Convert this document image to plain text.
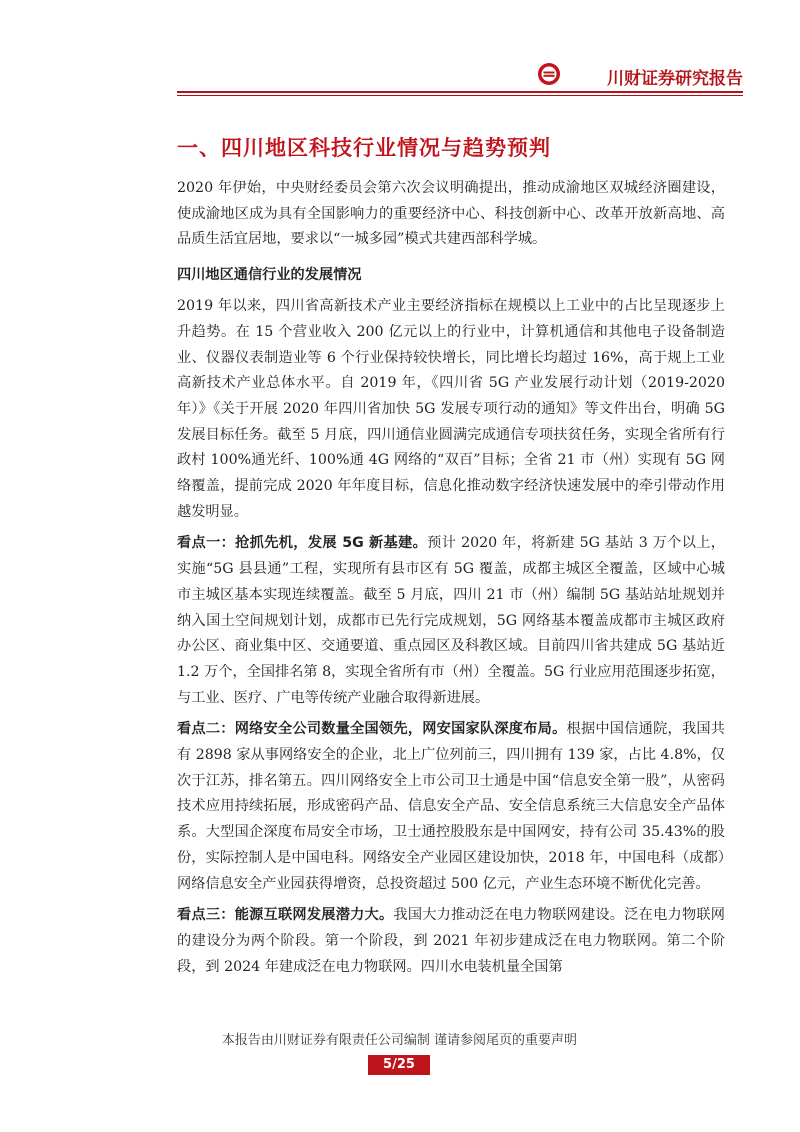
川财证券研究报告
一、四川地区科技行业情况与趋势预判

2020 年伊始，中央财经委员会第六次会议明确提出，推动成渝地区双城经济圈建设，使成渝地区成为具有全国影响力的重要经济中心、科技创新中心、改革开放新高地、高品质生活宜居地，要求以“一城多园”模式共建西部科学城。

四川地区通信行业的发展情况

2019 年以来，四川省高新技术产业主要经济指标在规模以上工业中的占比呈现逐步上升趋势。在 15 个营业收入 200 亿元以上的行业中，计算机通信和其他电子设备制造业、仪器仪表制造业等 6 个行业保持较快增长，同比增长均超过 16%，高于规上工业高新技术产业总体水平。自 2019 年，《四川省 5G 产业发展行动计划（2019-2020 年）》《关于开展 2020 年四川省加快 5G 发展专项行动的通知》等文件出台，明确 5G 发展目标任务。截至 5 月底，四川通信业圆满完成通信专项扶贫任务，实现全省所有行政村 100%通光纤、100%通 4G 网络的“双百”目标；全省 21 市（州）实现有 5G 网络覆盖，提前完成 2020 年年度目标，信息化推动数字经济快速发展中的牵引带动作用越发明显。

看点一：抢抓先机，发展 5G 新基建。预计 2020 年，将新建 5G 基站 3 万个以上，实施“5G 县县通”工程，实现所有县市区有 5G 覆盖，成都主城区全覆盖，区域中心城市主城区基本实现连续覆盖。截至 5 月底，四川 21 市（州）编制 5G 基站站址规划并纳入国土空间规划计划，成都市已先行完成规划，5G 网络基本覆盖成都市主城区政府办公区、商业集中区、交通要道、重点园区及科教区域。目前四川省共建成 5G 基站近 1.2 万个，全国排名第 8，实现全省所有市（州）全覆盖。5G 行业应用范围逐步拓宽，与工业、医疗、广电等传统产业融合取得新进展。

看点二：网络安全公司数量全国领先，网安国家队深度布局。根据中国信通院，我国共有 2898 家从事网络安全的企业，北上广位列前三，四川拥有 139 家，占比 4.8%，仅次于江苏，排名第五。四川网络安全上市公司卫士通是中国“信息安全第一股”，从密码技术应用持续拓展，形成密码产品、信息安全产品、安全信息系统三大信息安全产品体系。大型国企深度布局安全市场，卫士通控股股东是中国网安，持有公司 35.43%的股份，实际控制人是中国电科。网络安全产业园区建设加快，2018 年，中国电科（成都）网络信息安全产业园获得增资，总投资超过 500 亿元，产业生态环境不断优化完善。

看点三：能源互联网发展潜力大。我国大力推动泛在电力物联网建设。泛在电力物联网的建设分为两个阶段。第一个阶段，到 2021 年初步建成泛在电力物联网。第二个阶段，到 2024 年建成泛在电力物联网。四川水电装机量全国第

本报告由川财证券有限责任公司编制 谨请参阅尾页的重要声明
5/25
